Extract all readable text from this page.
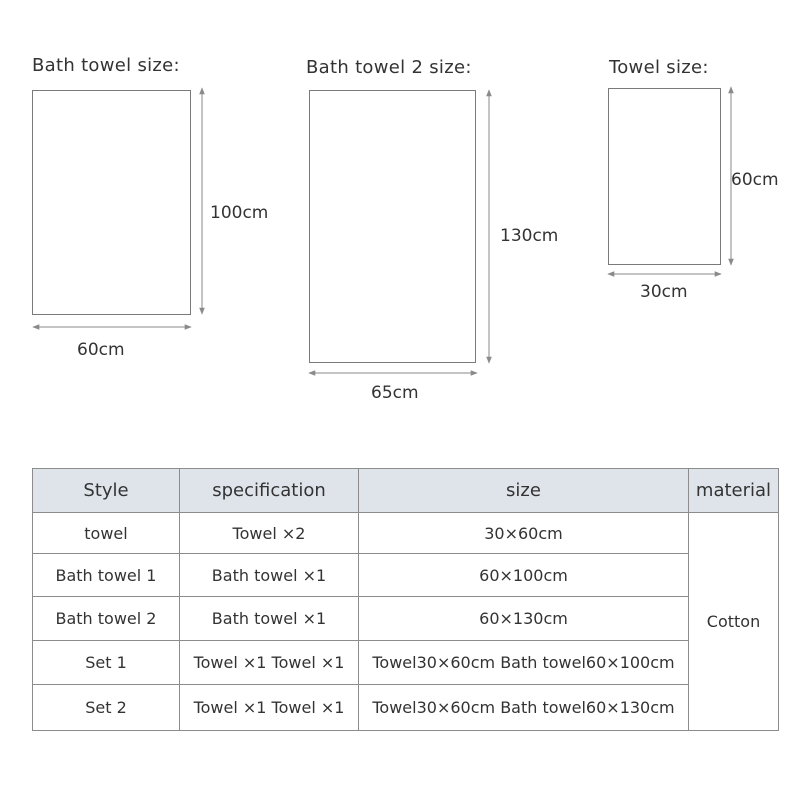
Bath towel size:
100cm
60cm
Bath towel 2 size:
130cm
65cm
Towel size:
60cm
30cm
Style	specification	size	material
towel	Towel ×2	30×60cm	Cotton
Bath towel 1	Bath towel ×1	60×100cm	
Bath towel 2	Bath towel ×1	60×130cm	
Set 1	Towel ×1 Towel ×1	Towel30×60cm Bath towel60×100cm	
Set 2	Towel ×1 Towel ×1	Towel30×60cm Bath towel60×130cm	
